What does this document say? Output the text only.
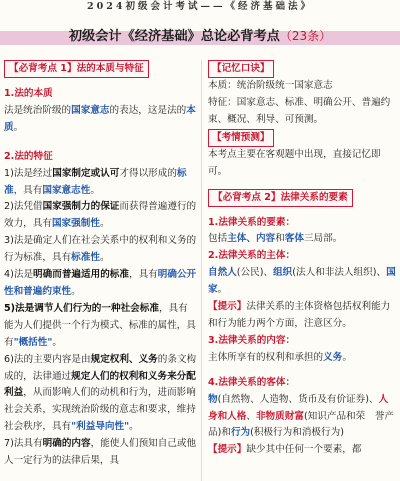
2024初级会计考试——《经济基础法》
初级会计《经济基础》总论必背考点（23条）
【必背考点 1】法的本质与特征

1.法的本质

法是统治阶级的国家意志的表达，这是法的本质。

2.法的特征

1)法是经过国家制定或认可才得以形成的标准，具有国家意志性。

2)法凭借国家强制力的保证而获得普遍遵行的效力，具有国家强制性。

3)法是确定人们在社会关系中的权利和义务的行为标准，具有标准性。

4)法是明确而普遍适用的标准，具有明确公开性和普遍约束性。

5)法是调节人们行为的一种社会标准，具有能为人们提供一个行为模式、标准的属性，具有"概括性"。

6)法的主要内容是由规定权利、义务的条文构成的，法律通过规定人们的权利和义务来分配利益，从而影响人们的动机和行为，进而影响社会关系，实现统治阶级的意志和要求，维持社会秩序，具有"利益导向性"。

7)法具有明确的内容，能使人们预知自己或他人一定行为的法律后果，具

【记忆口诀】

本质：统治阶级统一国家意志

特征：国家意志、标准、明确公开、普遍约束、概况、利导、可预测。

【考情预测】

本考点主要在客观题中出现，直接记忆即可。

【必背考点 2】法律关系的要素

1.法律关系的要素：

包括主体、内容和客体三局部。

2.法律关系的主体：

自然人(公民)、组织(法人和非法人组织)、国家。

【提示】法律关系的主体资格包括权利能力和行为能力两个方面，注意区分。

3.法律关系的内容：

主体所享有的权利和承担的义务。

4.法律关系的客体：

物(自然物、人造物、货币及有价证券)、人身和人格、非物质财富(知识产品和荣　誉产品)和行为(积极行为和消极行为)

【提示】缺少其中任何一个要素，都
